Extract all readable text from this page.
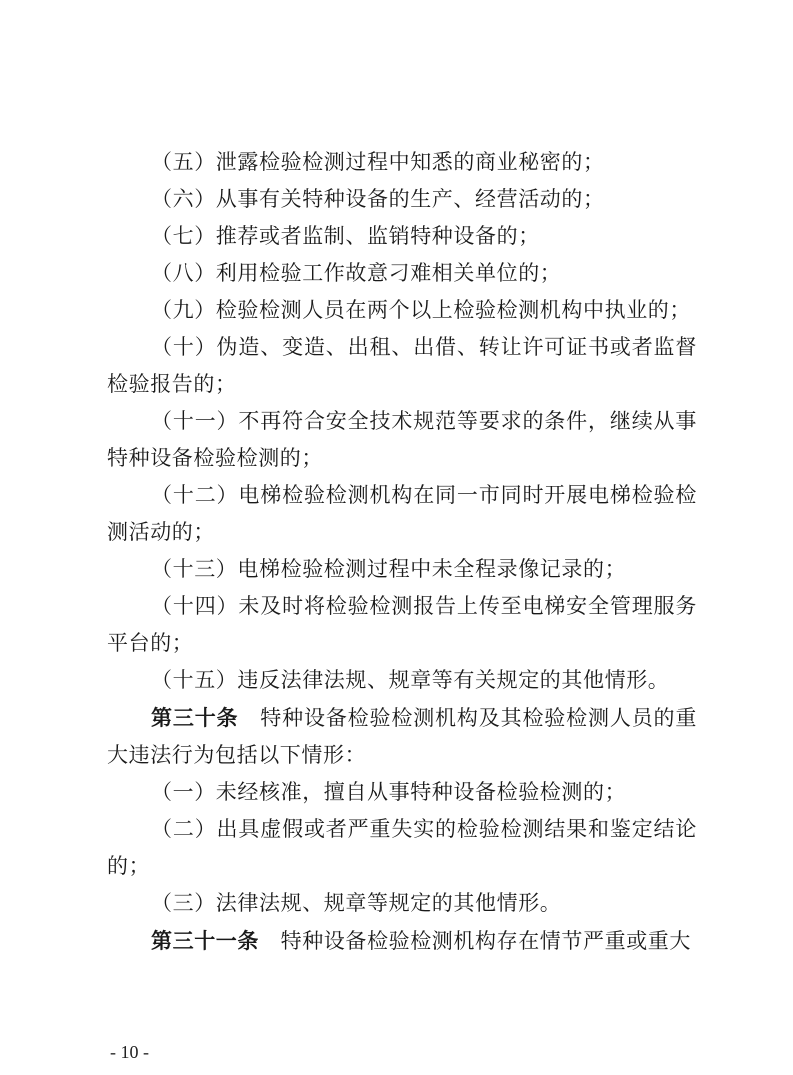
（五）泄露检验检测过程中知悉的商业秘密的；

（六）从事有关特种设备的生产、经营活动的；

（七）推荐或者监制、监销特种设备的；

（八）利用检验工作故意刁难相关单位的；

（九）检验检测人员在两个以上检验检测机构中执业的；

（十）伪造、变造、出租、出借、转让许可证书或者监督检验报告的；

（十一）不再符合安全技术规范等要求的条件，继续从事特种设备检验检测的；

（十二）电梯检验检测机构在同一市同时开展电梯检验检测活动的；

（十三）电梯检验检测过程中未全程录像记录的；

（十四）未及时将检验检测报告上传至电梯安全管理服务平台的；

（十五）违反法律法规、规章等有关规定的其他情形。

第三十条　 特种设备检验检测机构及其检验检测人员的重大违法行为包括以下情形：

（一）未经核准，擅自从事特种设备检验检测的；

（二）出具虚假或者严重失实的检验检测结果和鉴定结论的；

（三）法律法规、规章等规定的其他情形。

第三十一条　 特种设备检验检测机构存在情节严重或重大

- 10 -
